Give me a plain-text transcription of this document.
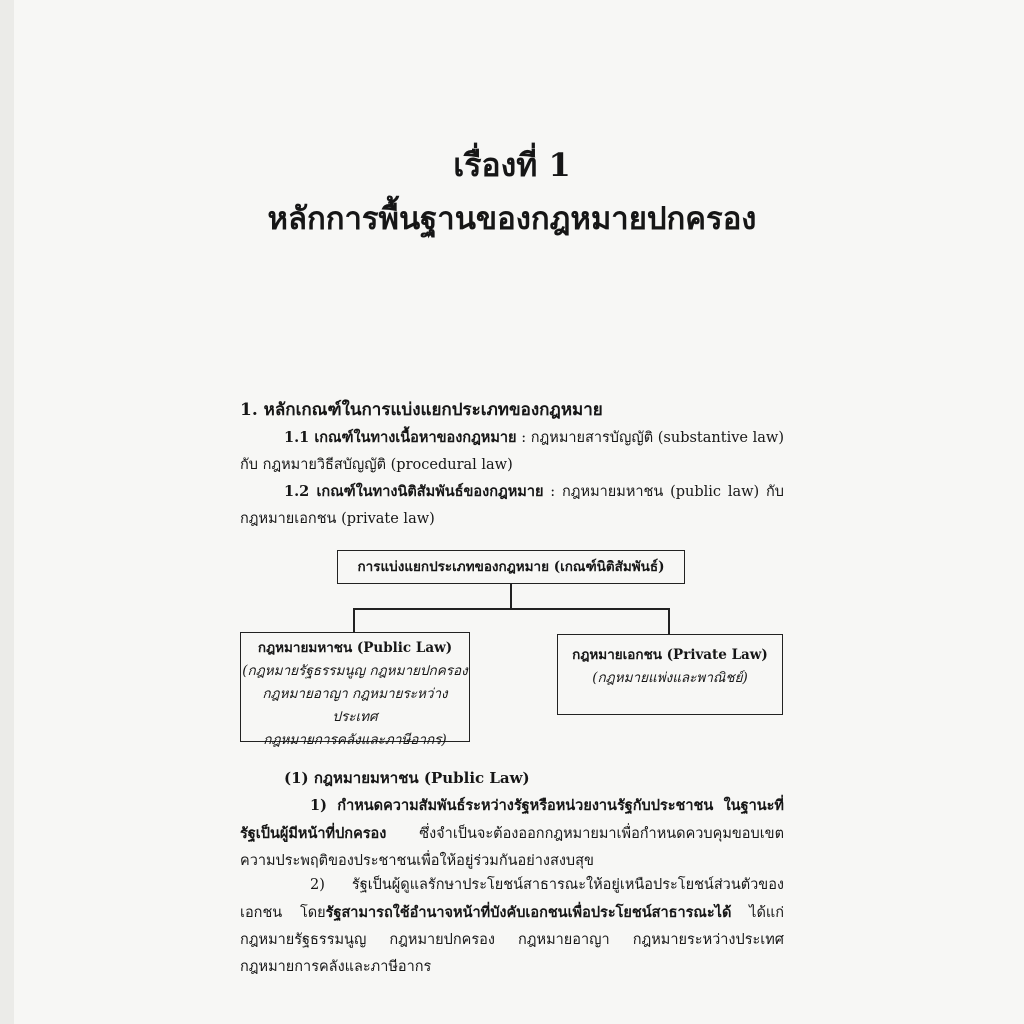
เรื่องที่ 1
หลักการพื้นฐานของกฎหมายปกครอง
1. หลักเกณฑ์ในการแบ่งแยกประเภทของกฎหมาย
1.1 เกณฑ์ในทางเนื้อหาของกฎหมาย : กฎหมายสารบัญญัติ (substantive law) กับ กฎหมายวิธีสบัญญัติ (procedural law)
1.2 เกณฑ์ในทางนิติสัมพันธ์ของกฎหมาย : กฎหมายมหาชน (public law) กับ กฎหมายเอกชน (private law)
การแบ่งแยกประเภทของกฎหมาย (เกณฑ์นิติสัมพันธ์)
กฎหมายมหาชน (Public Law)
(กฎหมายรัฐธรรมนูญ กฎหมายปกครอง
กฎหมายอาญา กฎหมายระหว่างประเทศ
กฎหมายการคลังและภาษีอากร)
กฎหมายเอกชน (Private Law)
(กฎหมายแพ่งและพาณิชย์)
(1) กฎหมายมหาชน (Public Law)
1) กำหนดความสัมพันธ์ระหว่างรัฐหรือหน่วยงานรัฐกับประชาชน ในฐานะที่รัฐเป็นผู้มีหน้าที่ปกครอง ซึ่งจำเป็นจะต้องออกกฎหมายมาเพื่อกำหนดควบคุมขอบเขตความประพฤติของประชาชนเพื่อให้อยู่ร่วมกันอย่างสงบสุข
2) รัฐเป็นผู้ดูแลรักษาประโยชน์สาธารณะให้อยู่เหนือประโยชน์ส่วนตัวของเอกชน โดยรัฐสามารถใช้อำนาจหน้าที่บังคับเอกชนเพื่อประโยชน์สาธารณะได้ ได้แก่ กฎหมายรัฐธรรมนูญ กฎหมายปกครอง กฎหมายอาญา กฎหมายระหว่างประเทศ กฎหมายการคลังและภาษีอากร
